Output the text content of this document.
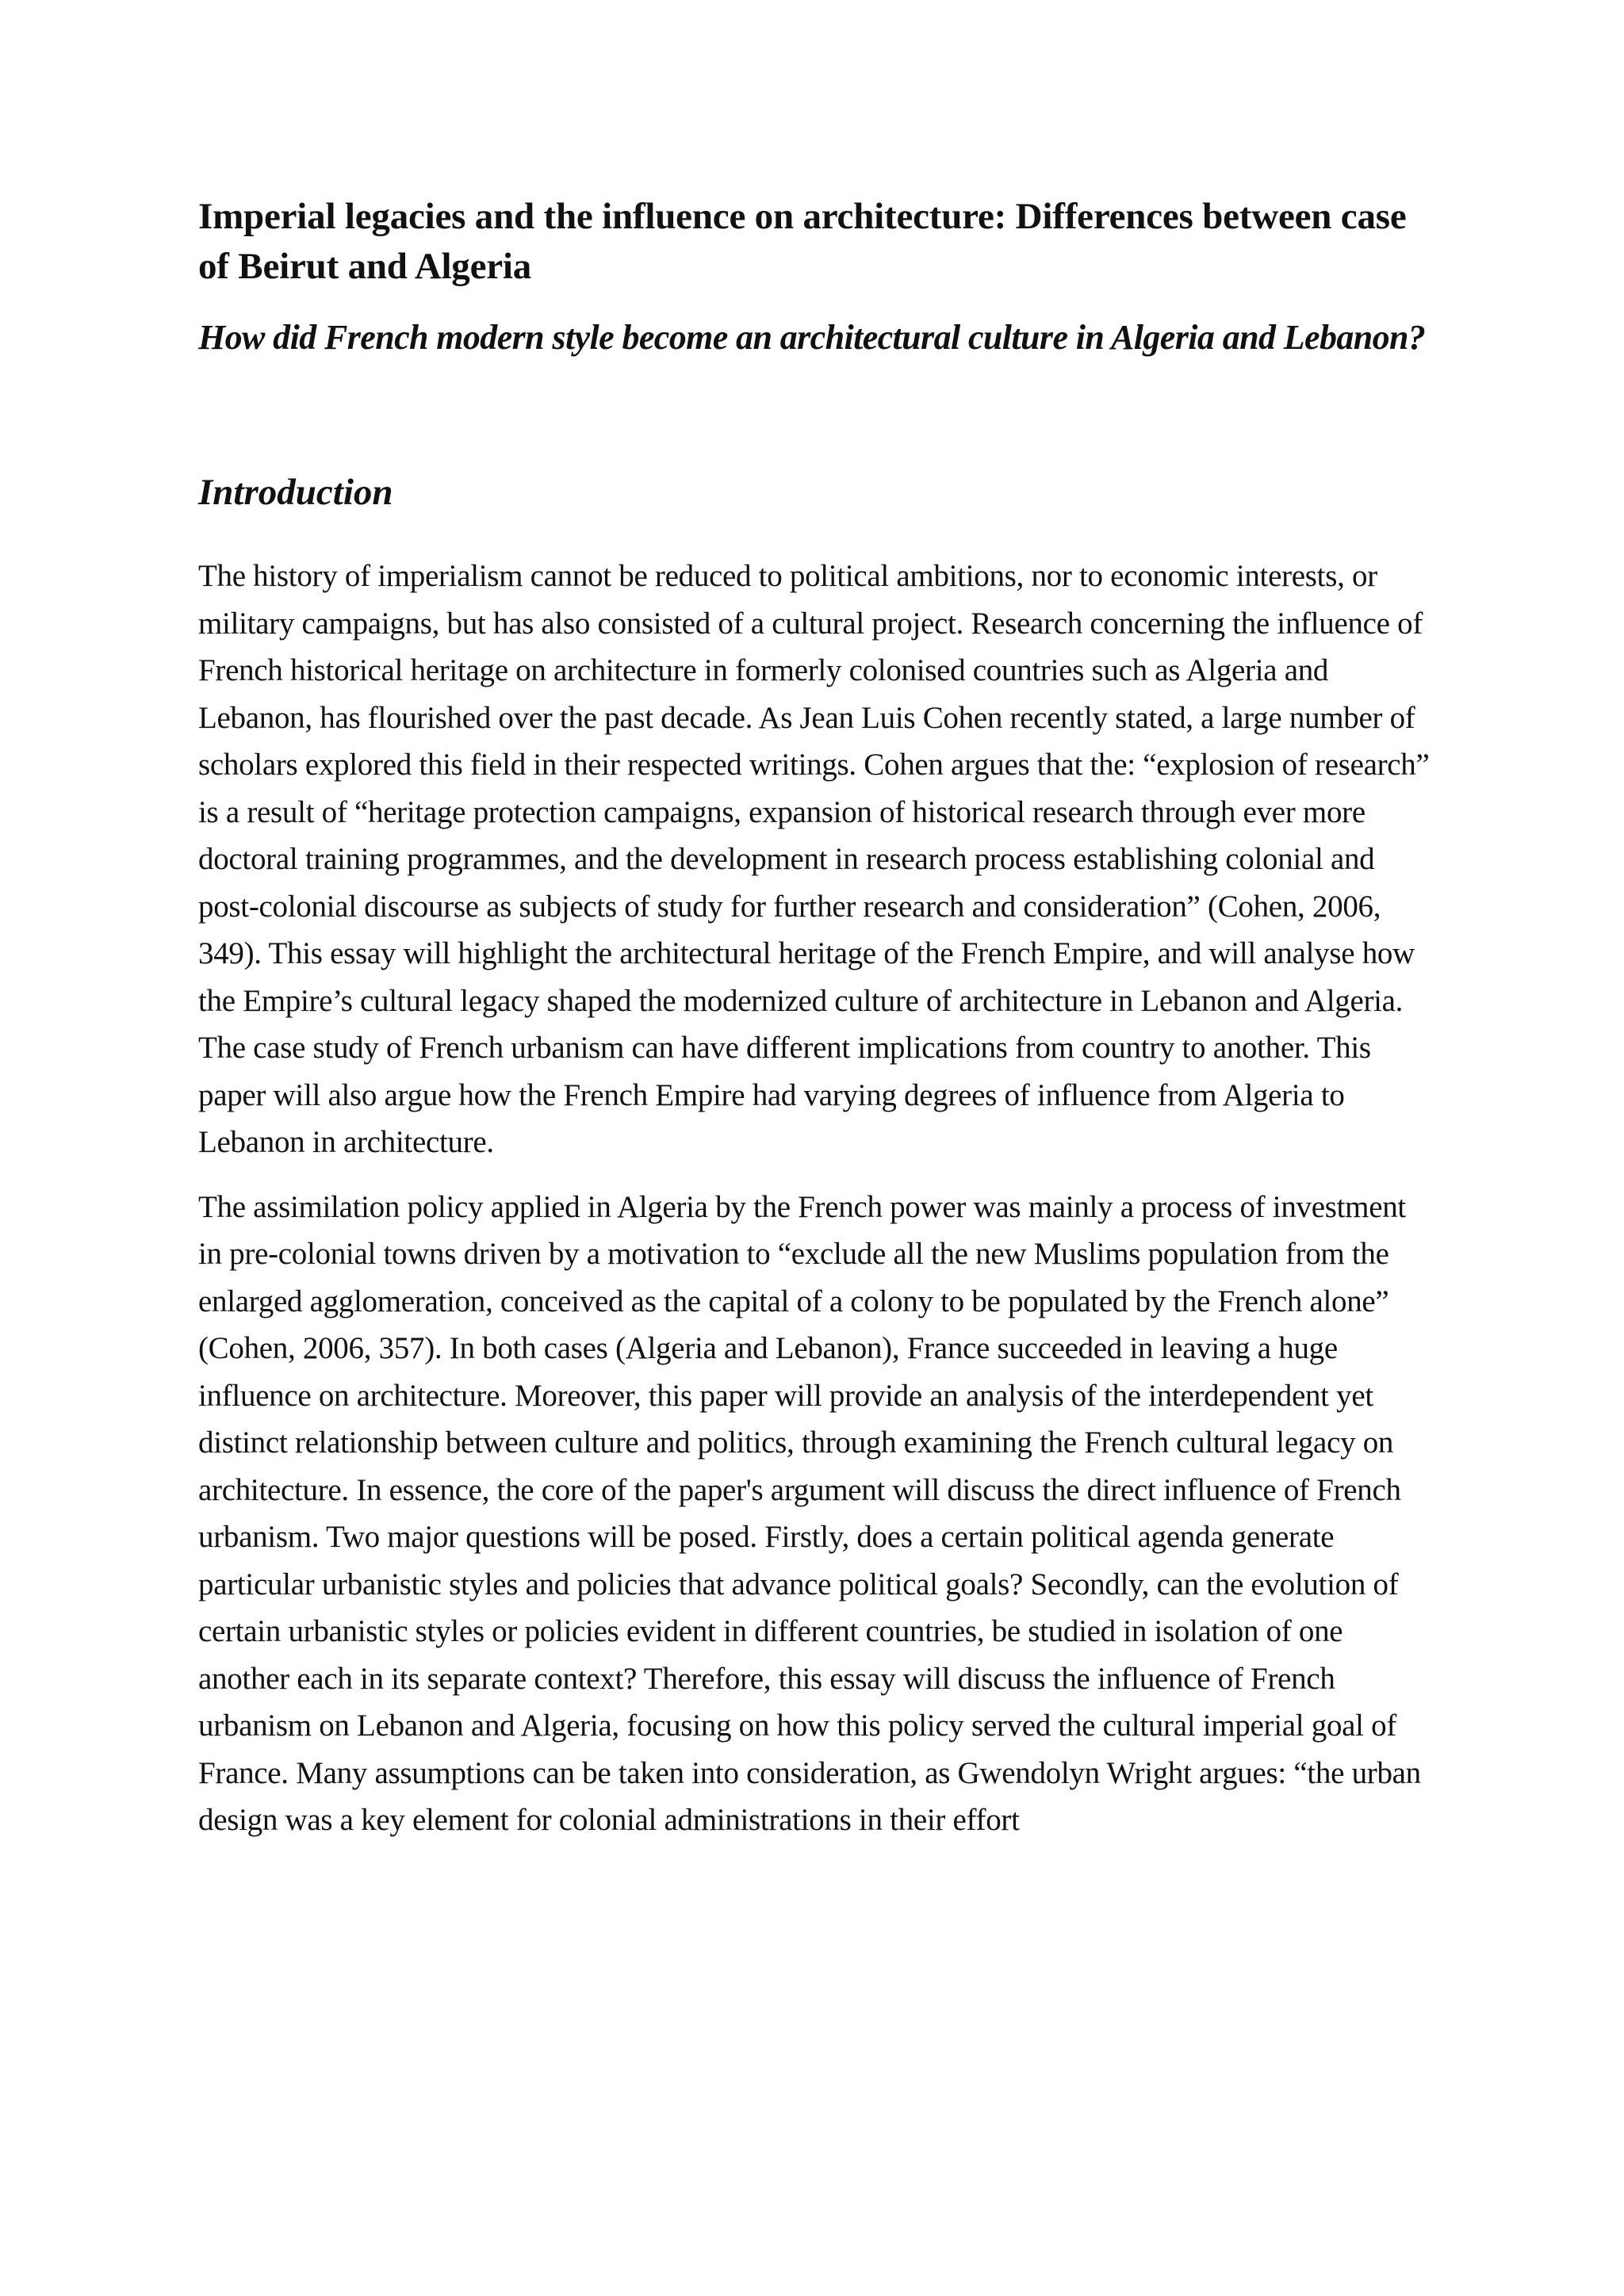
Imperial legacies and the influence on architecture: Differences between case of Beirut and Algeria
How did French modern style become an architectural culture in Algeria and Lebanon?
Introduction

The history of imperialism cannot be reduced to political ambitions, nor to economic interests, or military campaigns, but has also consisted of a cultural project. Research concerning the influence of French historical heritage on architecture in formerly colonised countries such as Algeria and Lebanon, has flourished over the past decade. As Jean Luis Cohen recently stated, a large number of scholars explored this field in their respected writings. Cohen argues that the: “explosion of research” is a result of “heritage protection campaigns, expansion of historical research through ever more doctoral training programmes, and the development in research process establishing colonial and post-colonial discourse as subjects of study for further research and consideration” (Cohen, 2006, 349). This essay will highlight the architectural heritage of the French Empire, and will analyse how the Empire’s cultural legacy shaped the modernized culture of architecture in Lebanon and Algeria. The case study of French urbanism can have different implications from country to another. This paper will also argue how the French Empire had varying degrees of influence from Algeria to Lebanon in architecture.

The assimilation policy applied in Algeria by the French power was mainly a process of investment in pre-colonial towns driven by a motivation to “exclude all the new Muslims population from the enlarged agglomeration, conceived as the capital of a colony to be populated by the French alone” (Cohen, 2006, 357). In both cases (Algeria and Lebanon), France succeeded in leaving a huge influence on architecture. Moreover, this paper will provide an analysis of the interdependent yet distinct relationship between culture and politics, through examining the French cultural legacy on architecture. In essence, the core of the paper's argument will discuss the direct influence of French urbanism. Two major questions will be posed. Firstly, does a certain political agenda generate particular urbanistic styles and policies that advance political goals? Secondly, can the evolution of certain urbanistic styles or policies evident in different countries, be studied in isolation of one another each in its separate context? Therefore, this essay will discuss the influence of French urbanism on Lebanon and Algeria, focusing on how this policy served the cultural imperial goal of France. Many assumptions can be taken into consideration, as Gwendolyn Wright argues: “the urban design was a key element for colonial administrations in their effort
